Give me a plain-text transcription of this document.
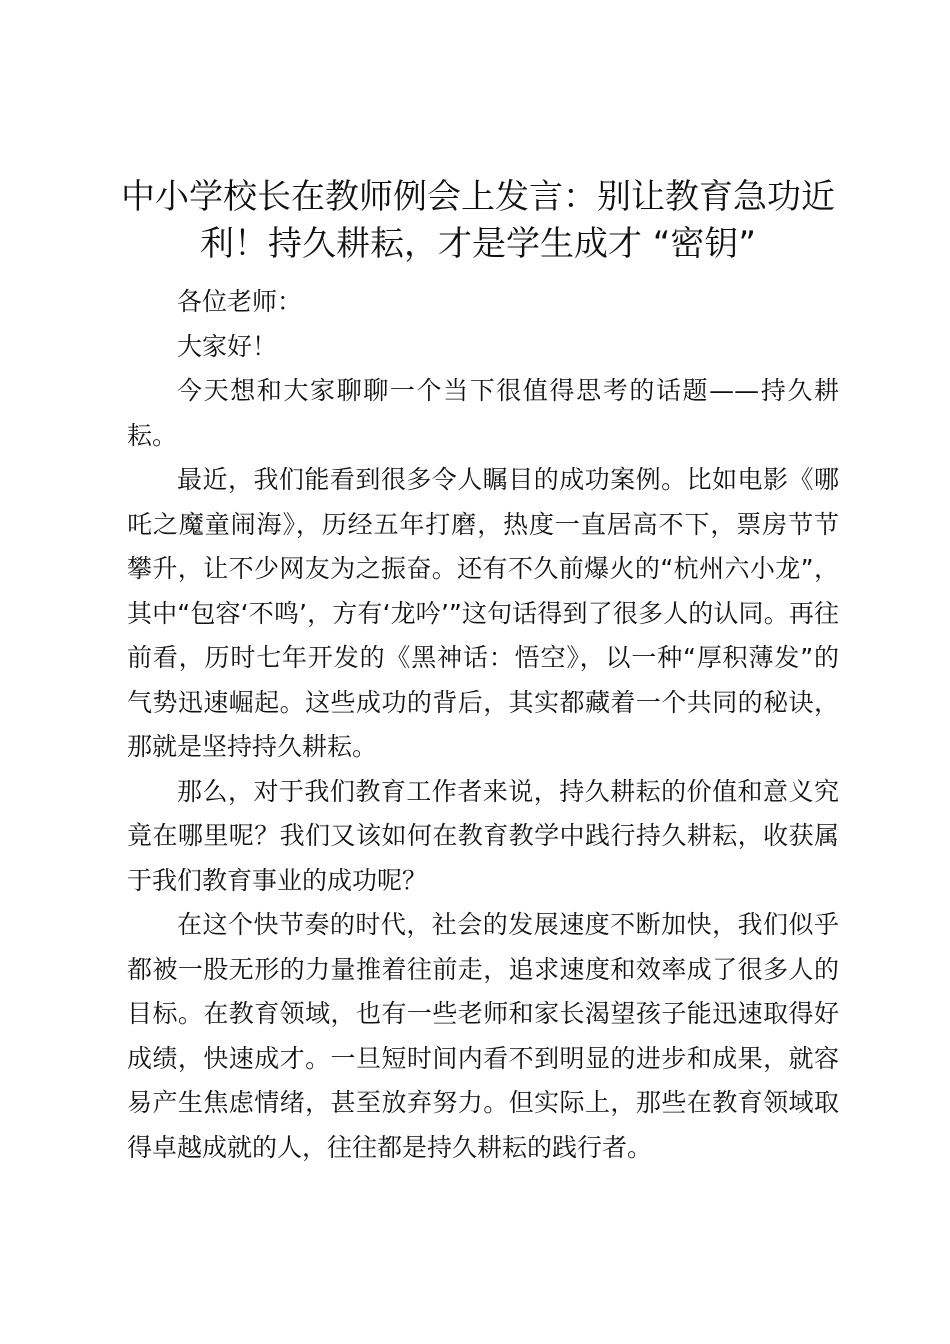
中小学校长在教师例会上发言：别让教育急功近利！持久耕耘，才是学生成才 “密钥”

各位老师：

大家好！

今天想和大家聊聊一个当下很值得思考的话题——持久耕耘。

最近，我们能看到很多令人瞩目的成功案例。比如电影《哪吒之魔童闹海》，历经五年打磨，热度一直居高不下，票房节节攀升，让不少网友为之振奋。还有不久前爆火的“杭州六小龙”，其中“包容‘不鸣’，方有‘龙吟’”这句话得到了很多人的认同。再往前看，历时七年开发的《黑神话：悟空》，以一种“厚积薄发”的气势迅速崛起。这些成功的背后，其实都藏着一个共同的秘诀，那就是坚持持久耕耘。

那么，对于我们教育工作者来说，持久耕耘的价值和意义究竟在哪里呢？我们又该如何在教育教学中践行持久耕耘，收获属于我们教育事业的成功呢？

在这个快节奏的时代，社会的发展速度不断加快，我们似乎都被一股无形的力量推着往前走，追求速度和效率成了很多人的目标。在教育领域，也有一些老师和家长渴望孩子能迅速取得好成绩，快速成才。一旦短时间内看不到明显的进步和成果，就容易产生焦虑情绪，甚至放弃努力。但实际上，那些在教育领域取得卓越成就的人，往往都是持久耕耘的践行者。
